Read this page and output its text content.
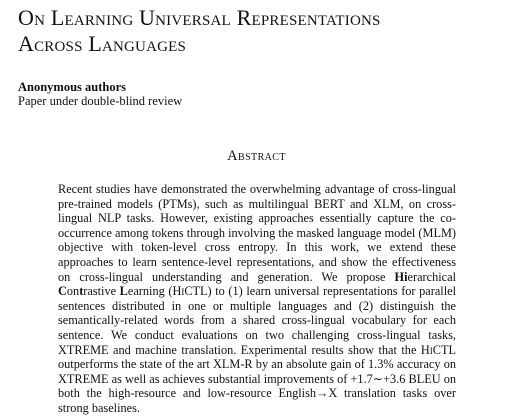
On Learning Universal Representations
Across Languages
Anonymous authors
Paper under double-blind review
Abstract

Recent studies have demonstrated the overwhelming advantage of cross-lingual pre-trained models (PTMs), such as multilingual BERT and XLM, on cross-lingual NLP tasks. However, existing approaches essentially capture the co-occurrence among tokens through involving the masked language model (MLM) objective with token-level cross entropy. In this work, we extend these approaches to learn sentence-level representations, and show the effectiveness on cross-lingual understanding and generation. We propose Hierarchical Contrastive Learning (HiCTL) to (1) learn universal representations for parallel sentences distributed in one or multiple languages and (2) distinguish the semantically-related words from a shared cross-lingual vocabulary for each sentence. We conduct evaluations on two challenging cross-lingual tasks, XTREME and machine translation. Experimental results show that the HiCTL outperforms the state of the art XLM-R by an absolute gain of 1.3% accuracy on XTREME as well as achieves substantial improvements of +1.7∼+3.6 BLEU on both the high-resource and low-resource English→X translation tasks over strong baselines.
